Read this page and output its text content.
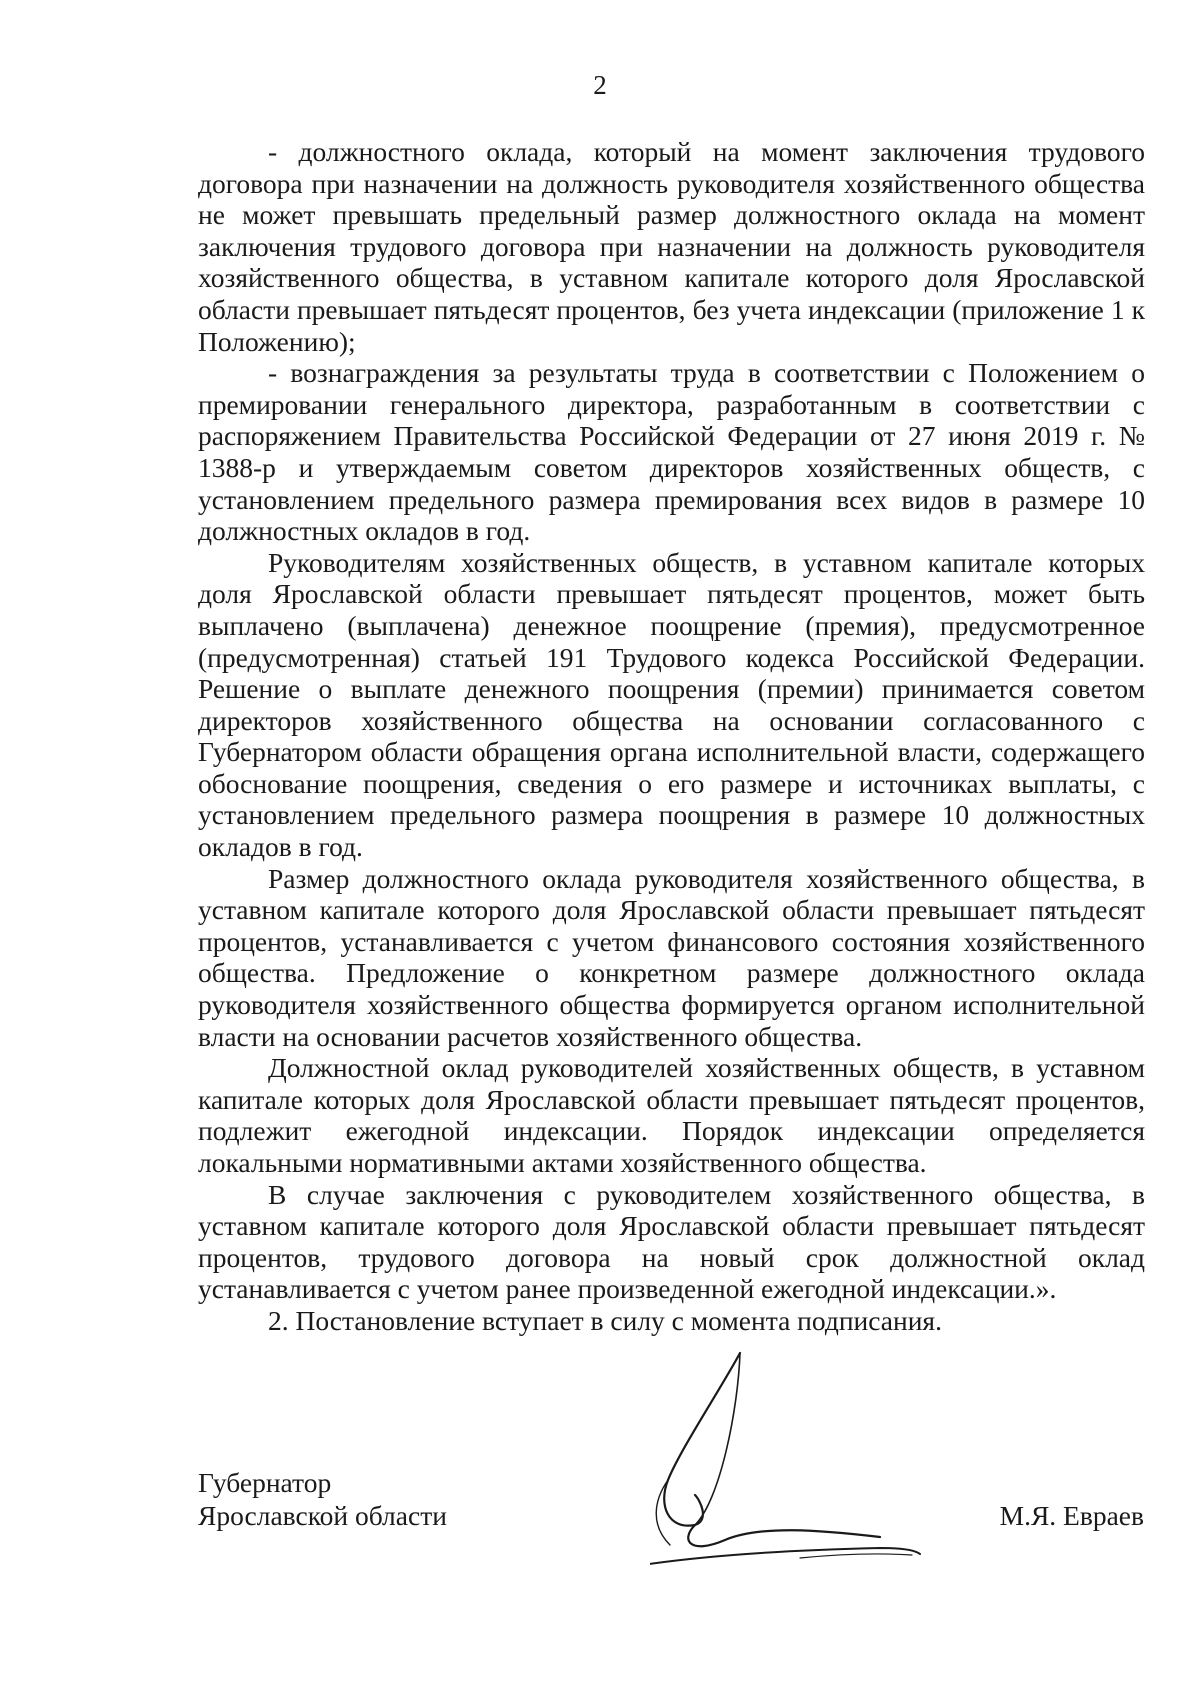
2

- должностного оклада, который на момент заключения трудового договора при назначении на должность руководителя хозяйственного общества не может превышать предельный размер должностного оклада на момент заключения трудового договора при назначении на должность руководителя хозяйственного общества, в уставном капитале которого доля Ярославской области превышает пятьдесят процентов, без учета индексации (приложение 1 к Положению);

- вознаграждения за результаты труда в соответствии с Положением о премировании генерального директора, разработанным в соответствии с распоряжением Правительства Российской Федерации от 27 июня 2019 г. № 1388-р и утверждаемым советом директоров хозяйственных обществ, с установлением предельного размера премирования всех видов в размере 10 должностных окладов в год.

Руководителям хозяйственных обществ, в уставном капитале которых доля Ярославской области превышает пятьдесят процентов, может быть выплачено (выплачена) денежное поощрение (премия), предусмотренное (предусмотренная) статьей 191 Трудового кодекса Российской Федерации. Решение о выплате денежного поощрения (премии) принимается советом директоров хозяйственного общества на основании согласованного с Губернатором области обращения органа исполнительной власти, содержащего обоснование поощрения, сведения о его размере и источниках выплаты, с установлением предельного размера поощрения в размере 10 должностных окладов в год.

Размер должностного оклада руководителя хозяйственного общества, в уставном капитале которого доля Ярославской области превышает пятьдесят процентов, устанавливается с учетом финансового состояния хозяйственного общества. Предложение о конкретном размере должностного оклада руководителя хозяйственного общества формируется органом исполнительной власти на основании расчетов хозяйственного общества.

Должностной оклад руководителей хозяйственных обществ, в уставном капитале которых доля Ярославской области превышает пятьдесят процентов, подлежит ежегодной индексации. Порядок индексации определяется локальными нормативными актами хозяйственного общества.

В случае заключения с руководителем хозяйственного общества, в уставном капитале которого доля Ярославской области превышает пятьдесят процентов, трудового договора на новый срок должностной оклад устанавливается с учетом ранее произведенной ежегодной индексации.».

2. Постановление вступает в силу с момента подписания.

Губернатор
Ярославской области	М.Я. Евраев
